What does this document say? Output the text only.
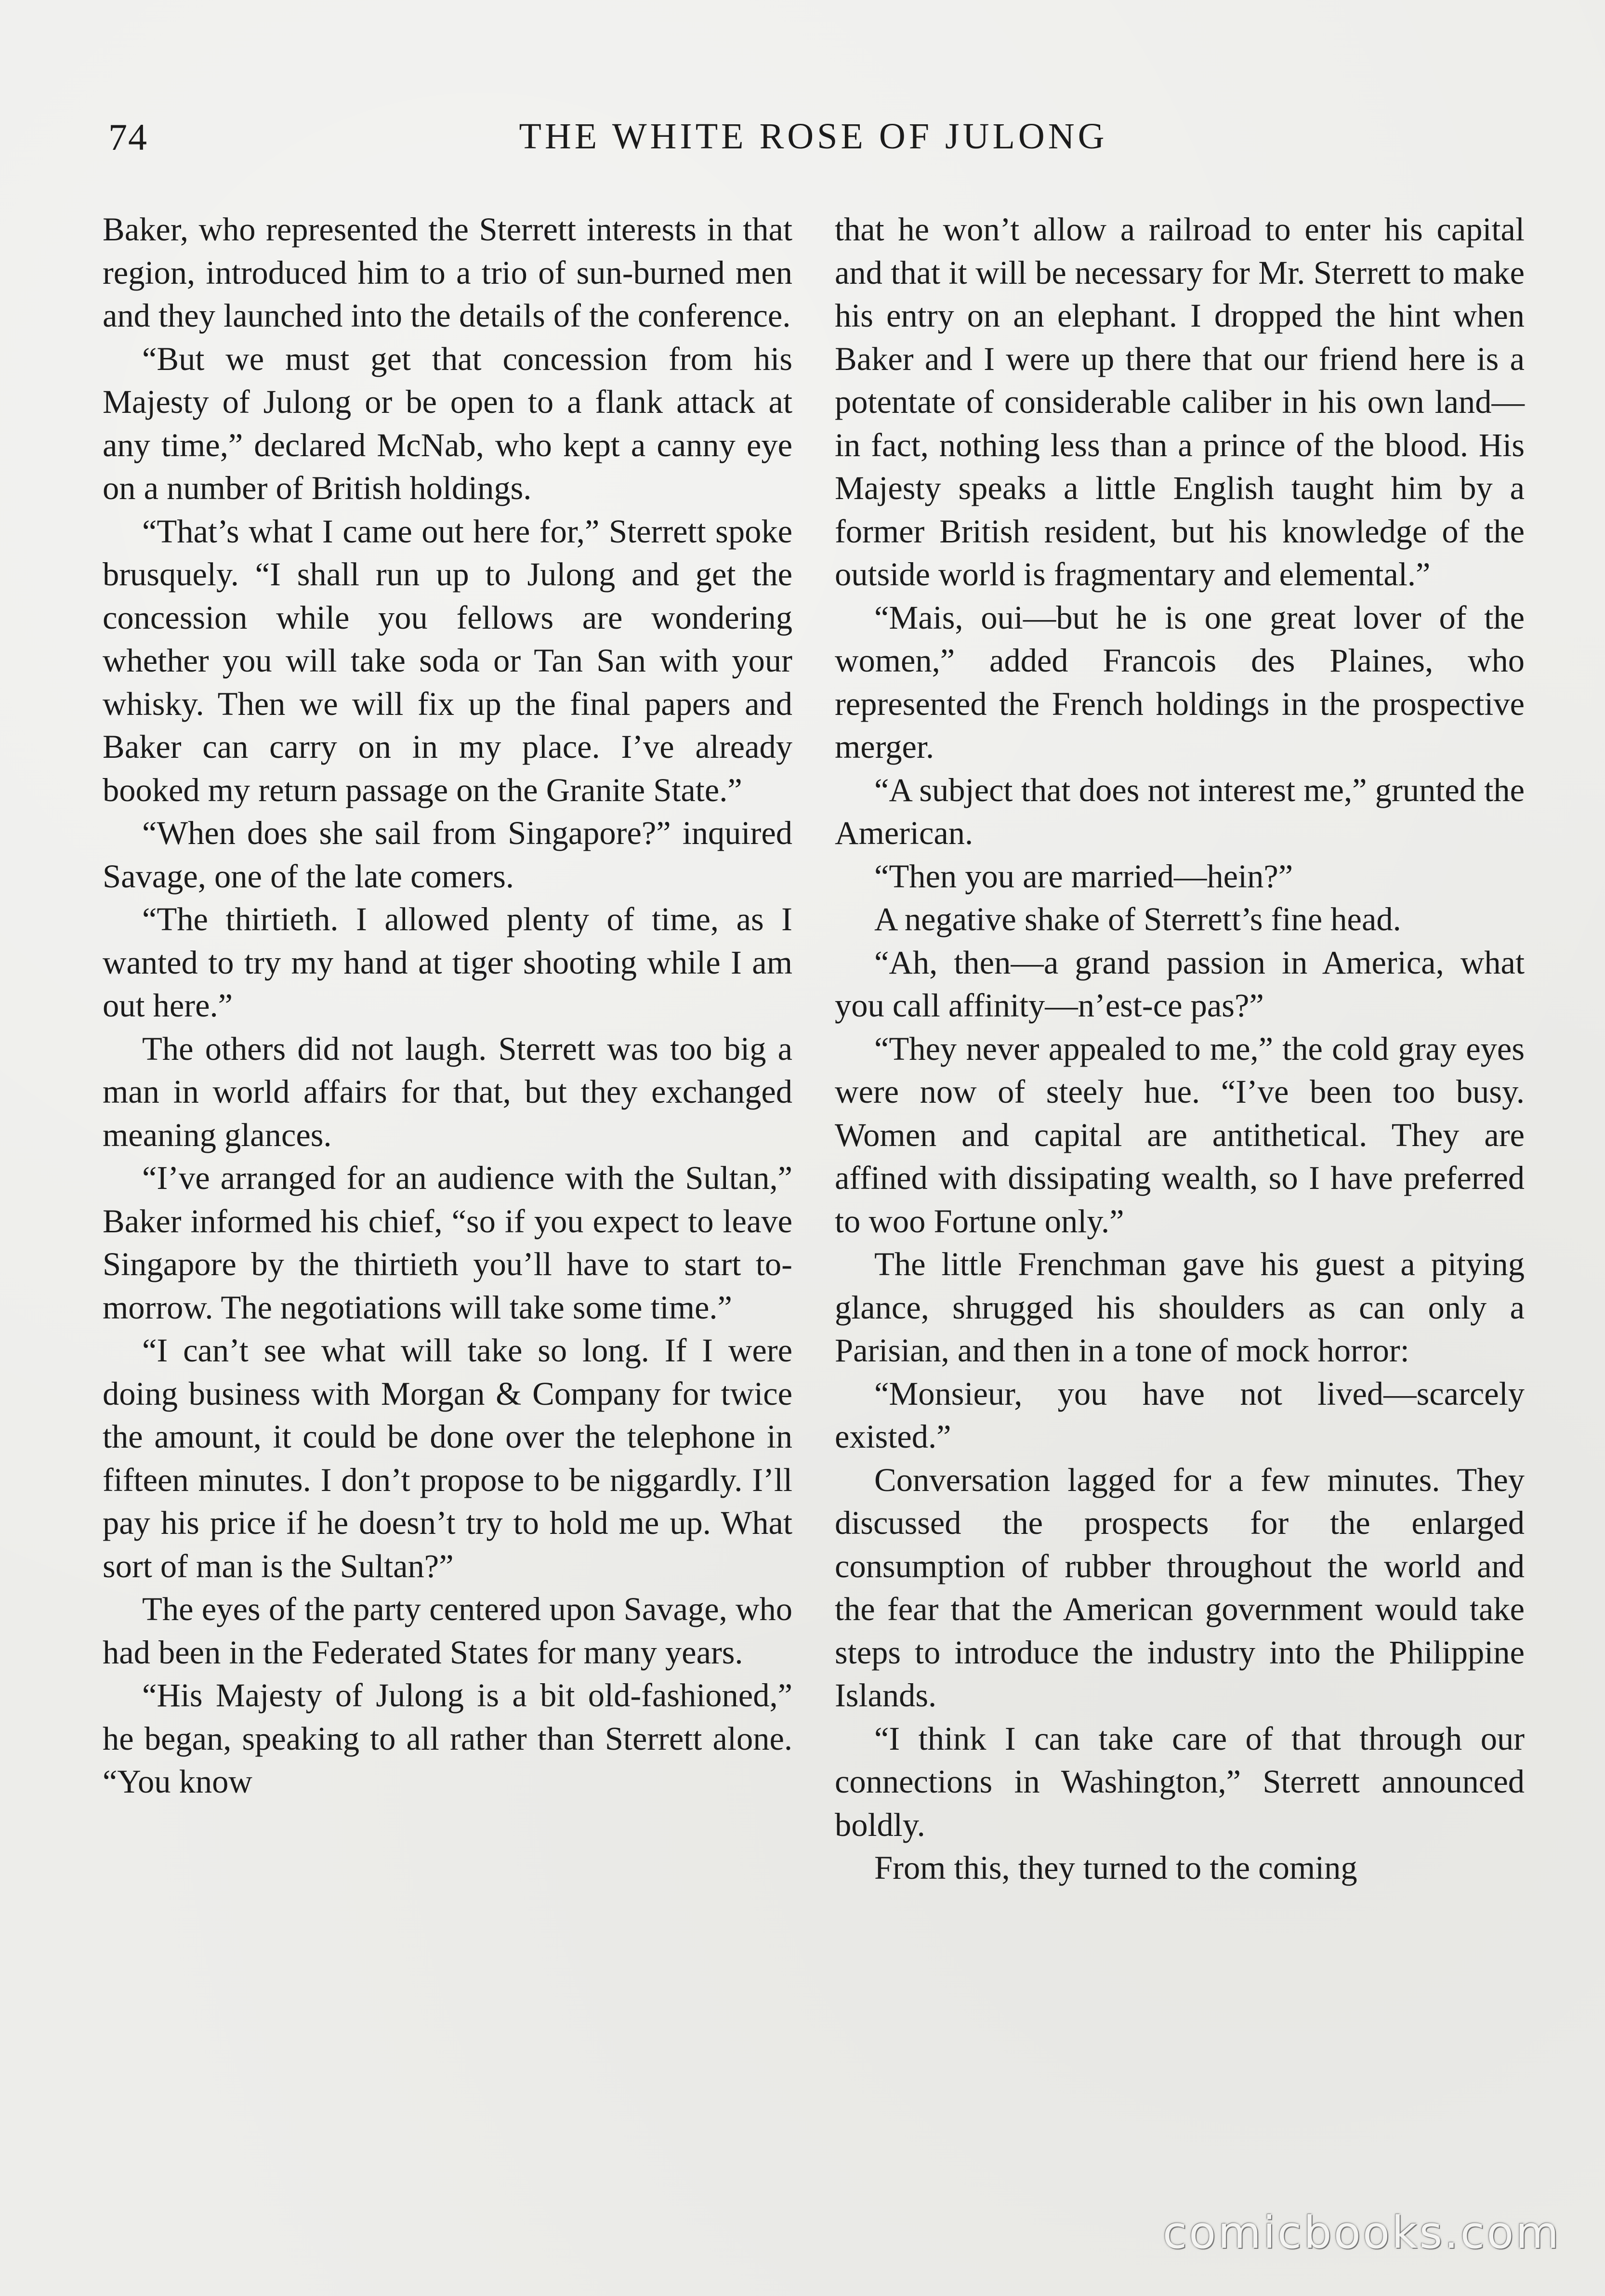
74	THE WHITE ROSE OF JULONG

Baker, who represented the Sterrett interests in that region, introduced him to a trio of sun-burned men and they launched into the details of the conference.

“But we must get that concession from his Majesty of Julong or be open to a flank attack at any time,” declared McNab, who kept a canny eye on a number of British holdings.

“That’s what I came out here for,” Sterrett spoke brusquely. “I shall run up to Julong and get the concession while you fellows are wondering whether you will take soda or Tan San with your whisky. Then we will fix up the final papers and Baker can carry on in my place. I’ve already booked my return passage on the Granite State.”

“When does she sail from Singapore?” inquired Savage, one of the late comers.

“The thirtieth. I allowed plenty of time, as I wanted to try my hand at tiger shooting while I am out here.”

The others did not laugh. Sterrett was too big a man in world affairs for that, but they exchanged meaning glances.

“I’ve arranged for an audience with the Sultan,” Baker informed his chief, “so if you expect to leave Singapore by the thirtieth you’ll have to start to-morrow. The negotiations will take some time.”

“I can’t see what will take so long. If I were doing business with Morgan & Company for twice the amount, it could be done over the telephone in fifteen minutes. I don’t propose to be niggardly. I’ll pay his price if he doesn’t try to hold me up. What sort of man is the Sultan?”

The eyes of the party centered upon Savage, who had been in the Federated States for many years.

“His Majesty of Julong is a bit old-fashioned,” he began, speaking to all rather than Sterrett alone. “You know

that he won’t allow a railroad to enter his capital and that it will be necessary for Mr. Sterrett to make his entry on an elephant. I dropped the hint when Baker and I were up there that our friend here is a potentate of considerable caliber in his own land—in fact, nothing less than a prince of the blood. His Majesty speaks a little English taught him by a former British resident, but his knowledge of the outside world is fragmentary and elemental.”

“Mais, oui—but he is one great lover of the women,” added Francois des Plaines, who represented the French holdings in the prospective merger.

“A subject that does not interest me,” grunted the American.

“Then you are married—hein?”

A negative shake of Sterrett’s fine head.

“Ah, then—a grand passion in America, what you call affinity—n’est-ce pas?”

“They never appealed to me,” the cold gray eyes were now of steely hue. “I’ve been too busy. Women and capital are antithetical. They are affined with dissipating wealth, so I have preferred to woo Fortune only.”

The little Frenchman gave his guest a pitying glance, shrugged his shoulders as can only a Parisian, and then in a tone of mock horror:

“Monsieur, you have not lived—scarcely existed.”

Conversation lagged for a few minutes. They discussed the prospects for the enlarged consumption of rubber throughout the world and the fear that the American government would take steps to introduce the industry into the Philippine Islands.

“I think I can take care of that through our connections in Washington,” Sterrett announced boldly.

From this, they turned to the coming

comicbooks.com
